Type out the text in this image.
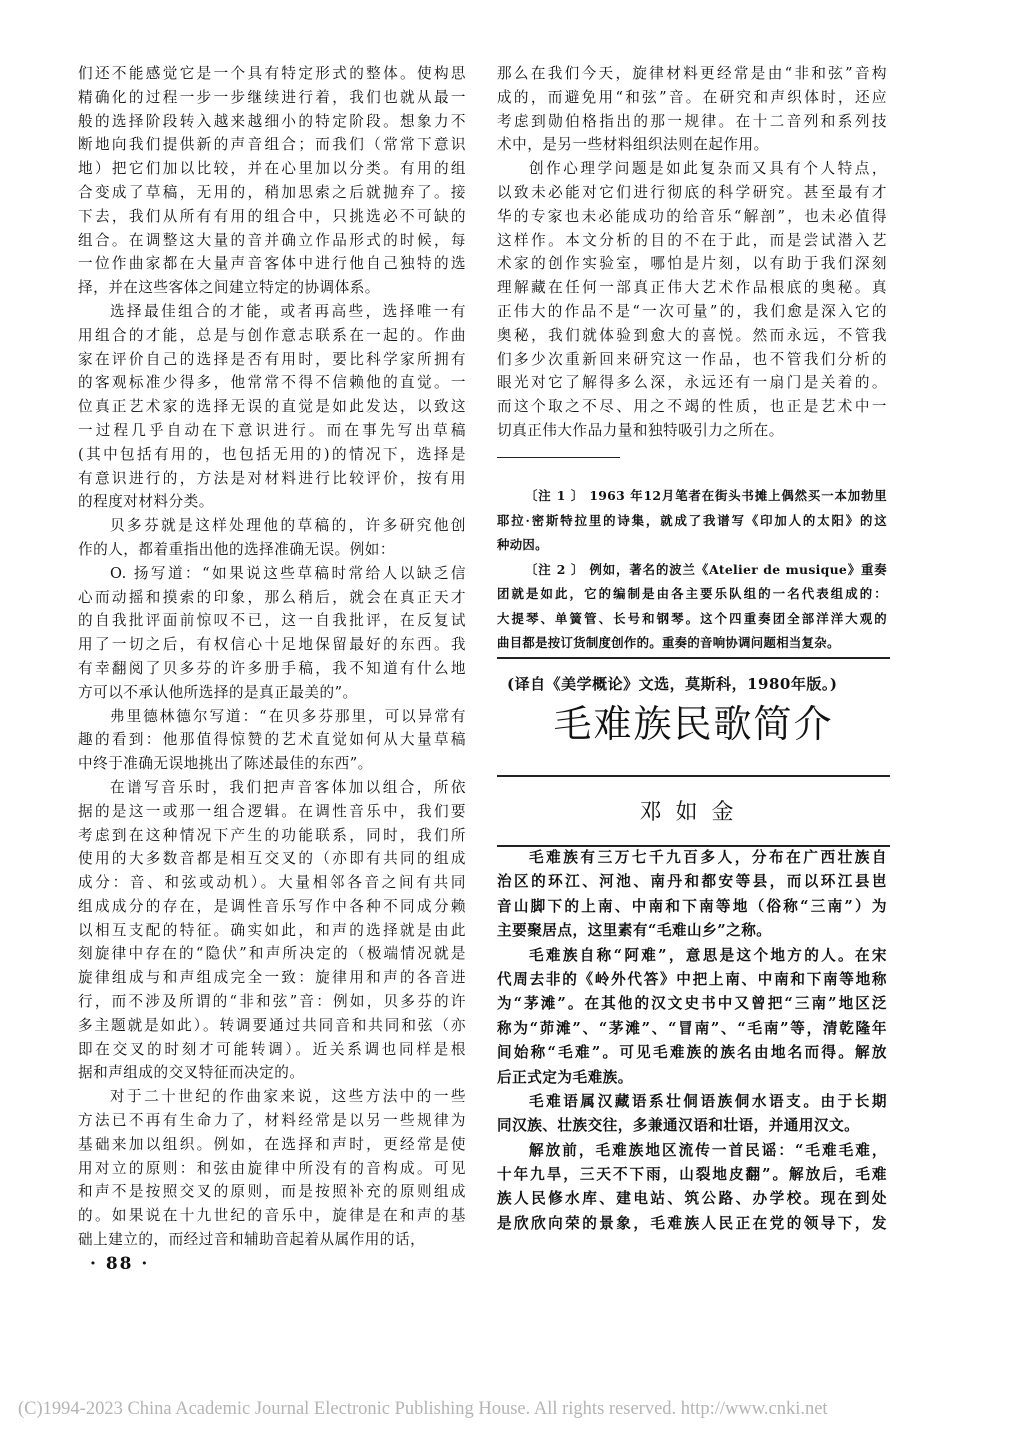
们还不能感觉它是一个具有特定形式的整体。使构思
精确化的过程一步一步继续进行着，我们也就从最一
般的选择阶段转入越来越细小的特定阶段。想象力不
断地向我们提供新的声音组合；而我们（常常下意识
地）把它们加以比较，并在心里加以分类。有用的组
合变成了草稿，无用的，稍加思索之后就抛弃了。接
下去，我们从所有有用的组合中，只挑选必不可缺的
组合。在调整这大量的音并确立作品形式的时候，每
一位作曲家都在大量声音客体中进行他自己独特的选
择，并在这些客体之间建立特定的协调体系。
选择最佳组合的才能，或者再高些，选择唯一有
用组合的才能，总是与创作意志联系在一起的。作曲
家在评价自己的选择是否有用时，要比科学家所拥有
的客观标准少得多，他常常不得不信赖他的直觉。一
位真正艺术家的选择无误的直觉是如此发达，以致这
一过程几乎自动在下意识进行。而在事先写出草稿
(其中包括有用的，也包括无用的)的情况下，选择是
有意识进行的，方法是对材料进行比较评价，按有用
的程度对材料分类。
贝多芬就是这样处理他的草稿的，许多研究他创
作的人，都着重指出他的选择准确无误。例如：
O. 扬写道：“如果说这些草稿时常给人以缺乏信
心而动摇和摸索的印象，那么稍后，就会在真正天才
的自我批评面前惊叹不已，这一自我批评，在反复试
用了一切之后，有权信心十足地保留最好的东西。我
有幸翻阅了贝多芬的许多册手稿，我不知道有什么地
方可以不承认他所选择的是真正最美的”。
弗里德林德尔写道：“在贝多芬那里，可以异常有
趣的看到：他那值得惊赞的艺术直觉如何从大量草稿
中终于准确无误地挑出了陈述最佳的东西”。
在谱写音乐时，我们把声音客体加以组合，所依
据的是这一或那一组合逻辑。在调性音乐中，我们要
考虑到在这种情况下产生的功能联系，同时，我们所
使用的大多数音都是相互交叉的（亦即有共同的组成
成分：音、和弦或动机）。大量相邻各音之间有共同
组成成分的存在，是调性音乐写作中各种不同成分赖
以相互支配的特征。确实如此，和声的选择就是由此
刻旋律中存在的“隐伏”和声所决定的（极端情况就是
旋律组成与和声组成完全一致：旋律用和声的各音进
行，而不涉及所谓的“非和弦”音：例如，贝多芬的许
多主题就是如此）。转调要通过共同音和共同和弦（亦
即在交叉的时刻才可能转调）。近关系调也同样是根
据和声组成的交叉特征而决定的。
对于二十世纪的作曲家来说，这些方法中的一些
方法已不再有生命力了，材料经常是以另一些规律为
基础来加以组织。例如，在选择和声时，更经常是使
用对立的原则：和弦由旋律中所没有的音构成。可见
和声不是按照交叉的原则，而是按照补充的原则组成
的。如果说在十九世纪的音乐中，旋律是在和声的基
础上建立的，而经过音和辅助音起着从属作用的话，
那么在我们今天，旋律材料更经常是由“非和弦”音构
成的，而避免用“和弦”音。在研究和声织体时，还应
考虑到勋伯格指出的那一规律。在十二音列和系列技
术中，是另一些材料组织法则在起作用。
创作心理学问题是如此复杂而又具有个人特点，
以致未必能对它们进行彻底的科学研究。甚至最有才
华的专家也未必能成功的给音乐“解剖”，也未必值得
这样作。本文分析的目的不在于此，而是尝试潜入艺
术家的创作实验室，哪怕是片刻，以有助于我们深刻
理解藏在任何一部真正伟大艺术作品根底的奥秘。真
正伟大的作品不是“一次可量”的，我们愈是深入它的
奥秘，我们就体验到愈大的喜悦。然而永远，不管我
们多少次重新回来研究这一作品，也不管我们分析的
眼光对它了解得多么深，永远还有一扇门是关着的。
而这个取之不尽、用之不竭的性质，也正是艺术中一
切真正伟大作品力量和独特吸引力之所在。
〔注 1 〕 1963 年12月笔者在街头书摊上偶然买一本加勃里
耶拉·密斯特拉里的诗集，就成了我谱写《印加人的太阳》的这
种动因。
〔注 2 〕 例如，著名的波兰《Atelier de musique》重奏
团就是如此，它的编制是由各主要乐队组的一名代表组成的：
大提琴、单簧管、长号和钢琴。这个四重奏团全部洋洋大观的
曲目都是按订货制度创作的。重奏的音响协调问题相当复杂。
(译自《美学概论》文选，莫斯科，1980年版。)
毛难族民歌简介
邓如金
毛难族有三万七千九百多人，分布在广西壮族自
治区的环江、河池、南丹和都安等县，而以环江县岜
音山脚下的上南、中南和下南等地（俗称“三南”）为
主要聚居点，这里素有“毛难山乡”之称。
毛难族自称“阿难”，意思是这个地方的人。在宋
代周去非的《岭外代答》中把上南、中南和下南等地称
为“茅滩”。在其他的汉文史书中又曾把“三南”地区泛
称为“茆滩”、“茅滩”、“冒南”、“毛南”等，清乾隆年
间始称“毛难”。可见毛难族的族名由地名而得。解放
后正式定为毛难族。
毛难语属汉藏语系壮侗语族侗水语支。由于长期
同汉族、壮族交往，多兼通汉语和壮语，并通用汉文。
解放前，毛难族地区流传一首民谣：“毛难毛难，
十年九旱，三天不下雨，山裂地皮翻”。解放后，毛难
族人民修水库、建电站、筑公路、办学校。现在到处
是欣欣向荣的景象，毛难族人民正在党的领导下，发
· 88 ·
(C)1994-2023 China Academic Journal Electronic Publishing House. All rights reserved. http://www.cnki.net
